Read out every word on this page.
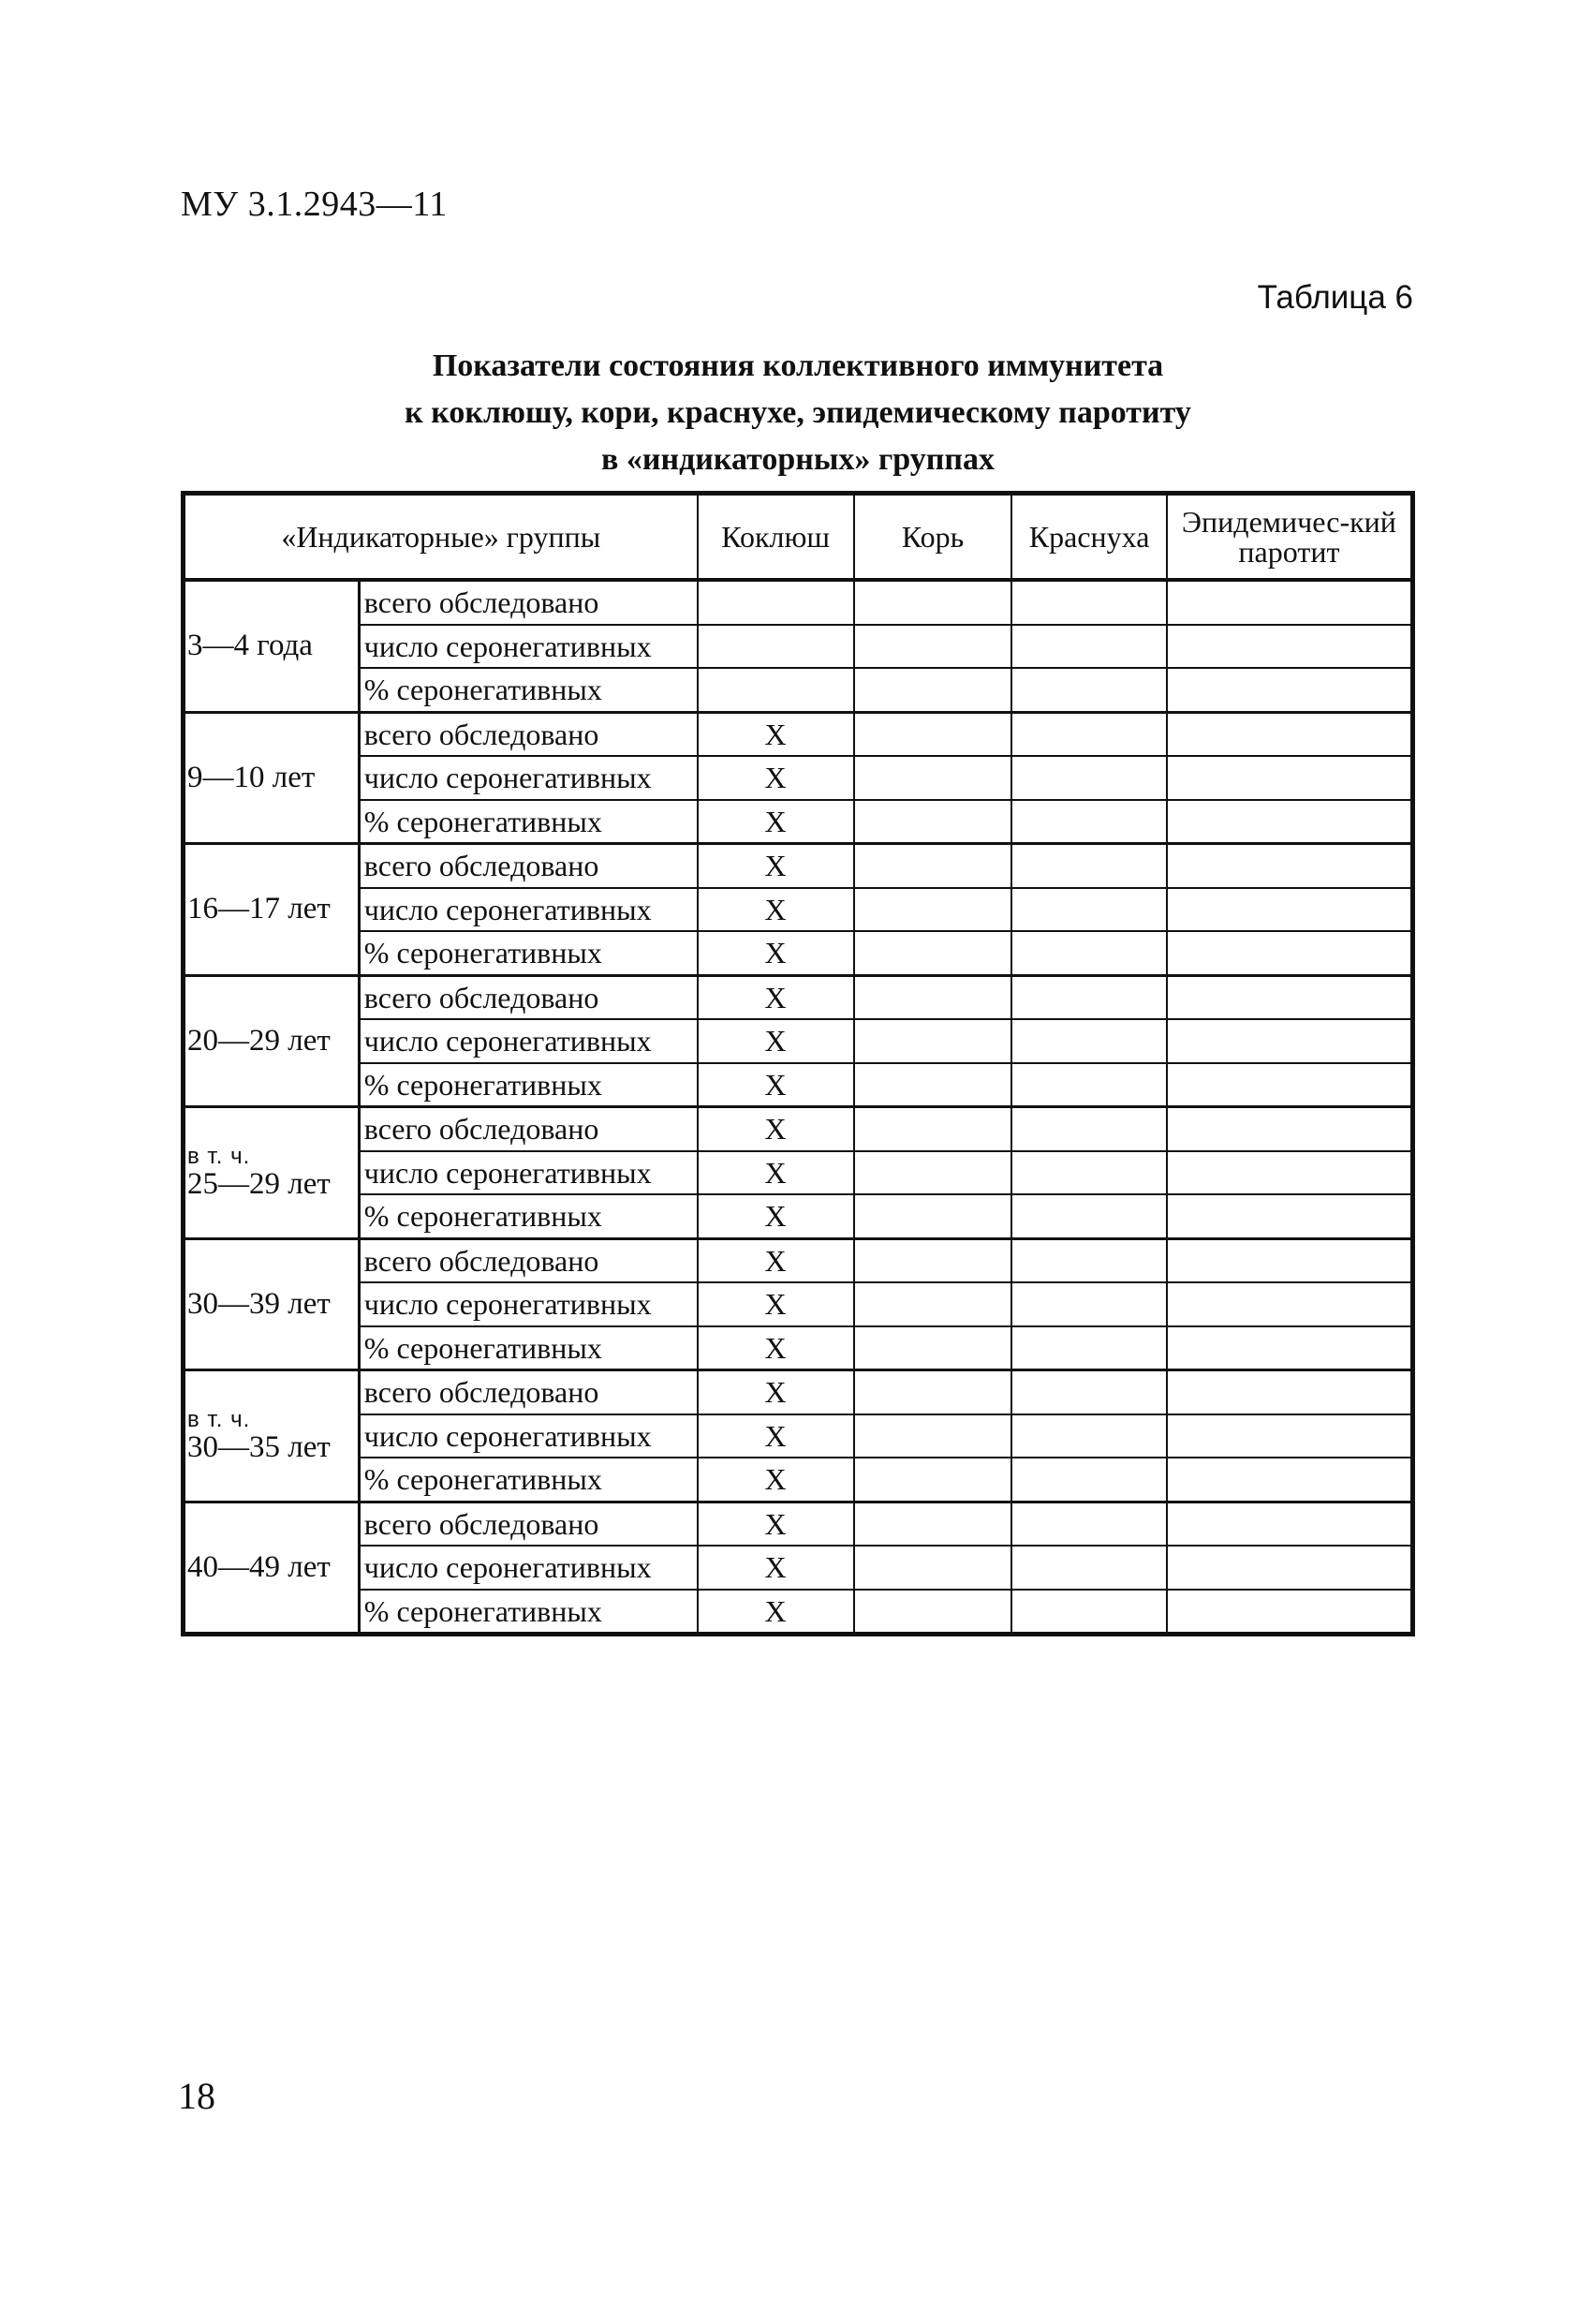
МУ 3.1.2943—11
Таблица 6
Показатели состояния коллективного иммунитета
к коклюшу, кори, краснухе, эпидемическому паротиту
в «индикаторных» группах
«Индикаторные» группы		Коклюш	Корь	Краснуха	Эпидемичес-кий паротит

3—4 года	всего обследовано				
	число серонегативных				
	% серонегативных				

9—10 лет	всего обследовано	X			
	число серонегативных	X			
	% серонегативных	X			

16—17 лет	всего обследовано	X			
	число серонегативных	X			
	% серонегативных	X			

20—29 лет	всего обследовано	X			
	число серонегативных	X			
	% серонегативных	X			

в т. ч.
25—29 лет	всего обследовано	X			
	число серонегативных	X			
	% серонегативных	X			

30—39 лет	всего обследовано	X			
	число серонегативных	X			
	% серонегативных	X			

в т. ч.
30—35 лет	всего обследовано	X			
	число серонегативных	X			
	% серонегативных	X			

40—49 лет	всего обследовано	X			
	число серонегативных	X			
	% серонегативных	X			
18
